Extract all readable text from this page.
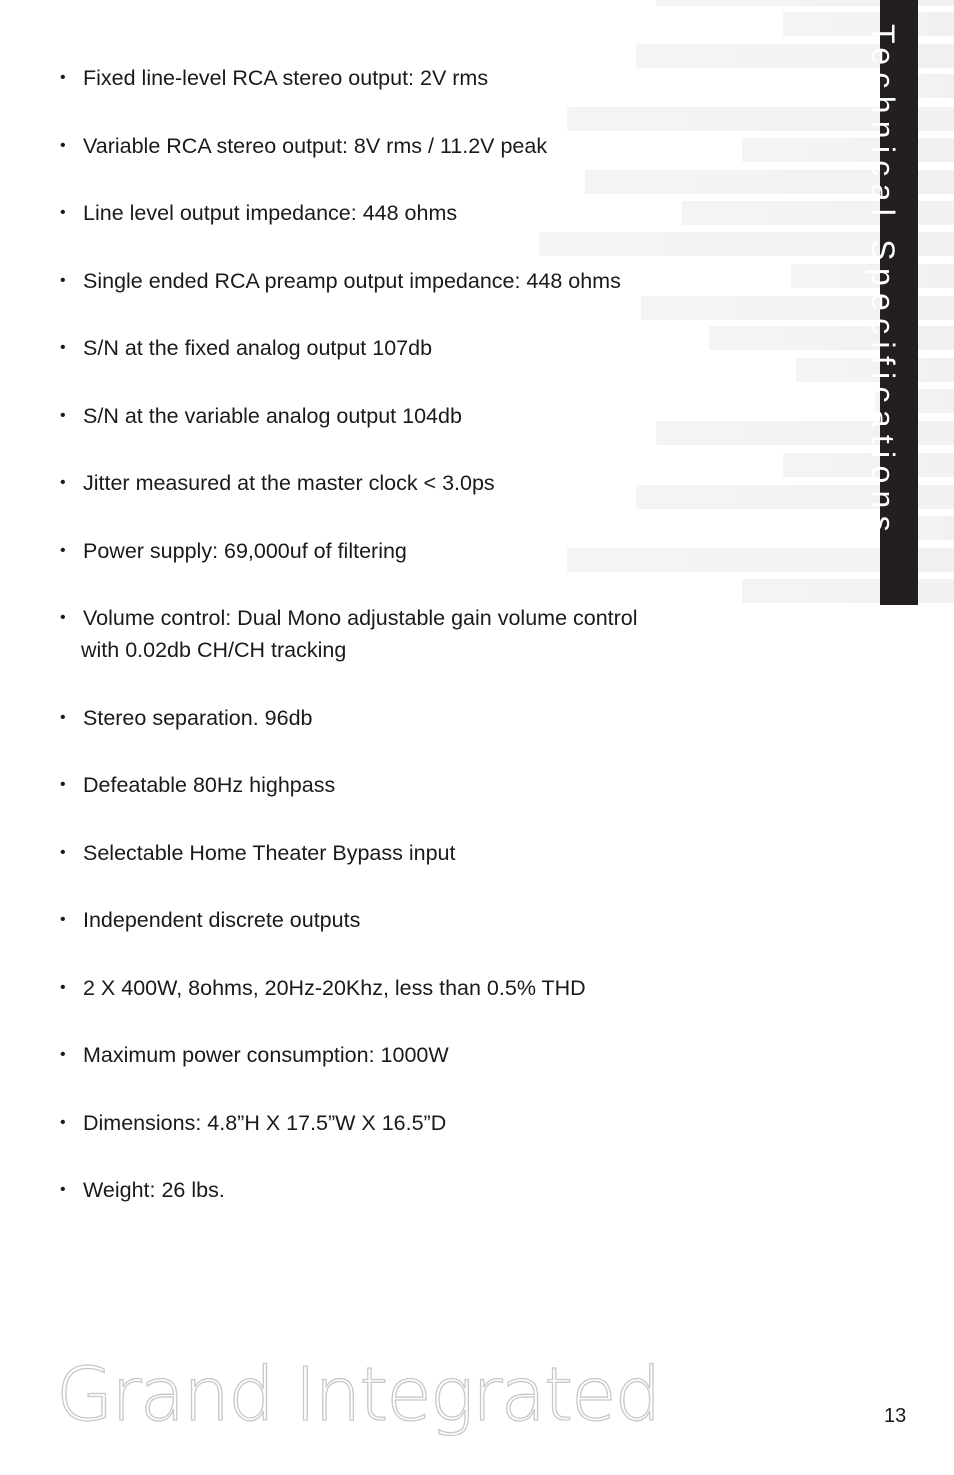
Technical Specifications
• Fixed line-level RCA stereo output: 2V rms
• Variable RCA stereo output: 8V rms / 11.2V peak
• Line level output impedance: 448 ohms
• Single ended RCA preamp output impedance: 448 ohms
• S/N at the fixed analog output 107db
• S/N at the variable analog output 104db
• Jitter measured at the master clock < 3.0ps
• Power supply: 69,000uf of filtering
• Volume control: Dual Mono adjustable gain volume control
with 0.02db CH/CH tracking
• Stereo separation. 96db
• Defeatable 80Hz highpass
• Selectable Home Theater Bypass input
• Independent discrete outputs
• 2 X 400W, 8ohms, 20Hz-20Khz, less than 0.5% THD
• Maximum power consumption: 1000W
• Dimensions: 4.8”H X 17.5”W X 16.5”D
• Weight: 26 lbs.
Grand Integrated	13
